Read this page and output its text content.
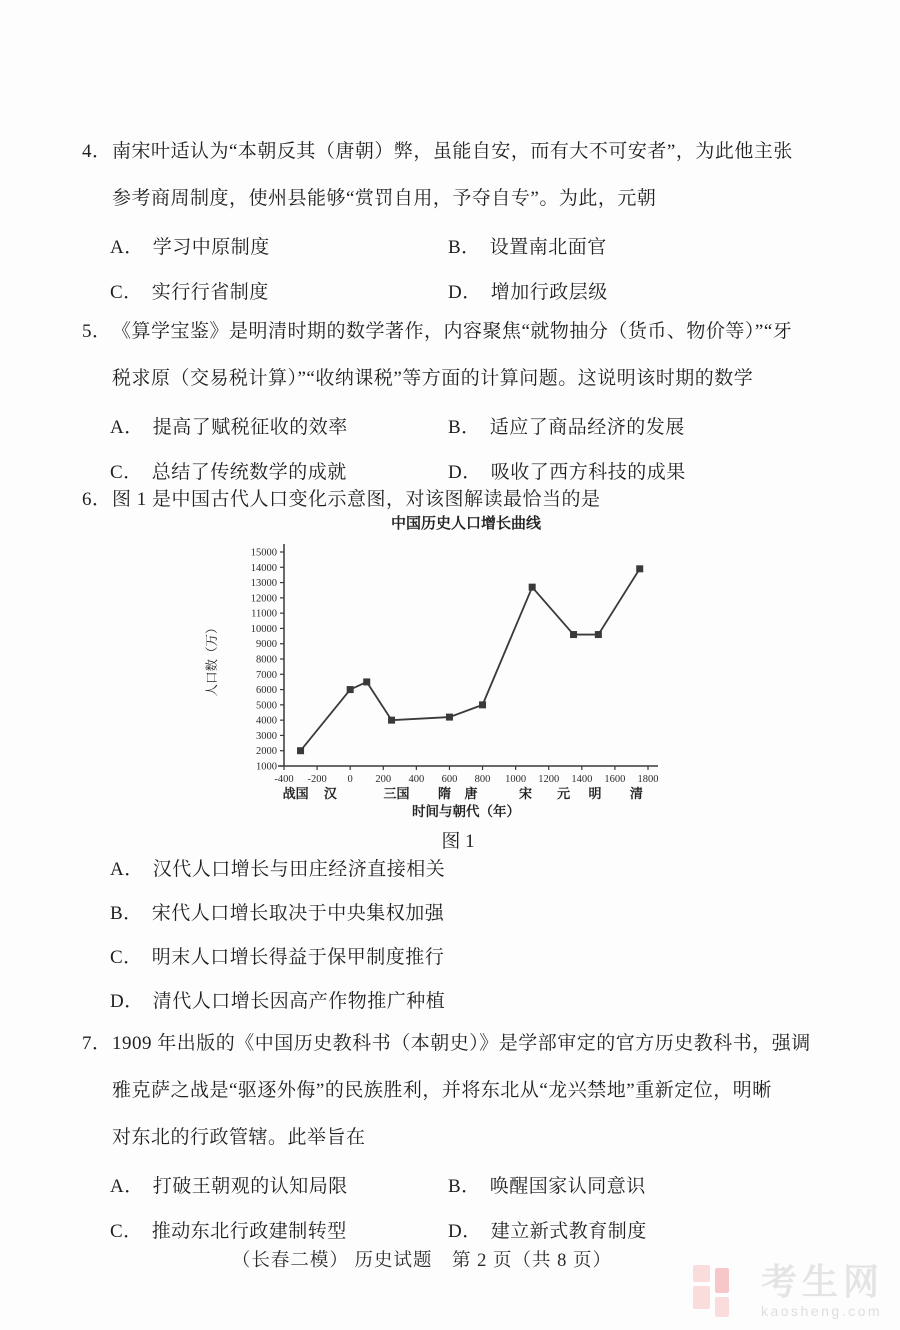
4． 南宋叶适认为“本朝反其（唐朝）弊，虽能自安，而有大不可安者”，为此他主张
参考商周制度，使州县能够“赏罚自用，予夺自专”。为此，元朝
A． 学习中原制度	B． 设置南北面官
C． 实行行省制度	D． 增加行政层级
5． 《算学宝鉴》是明清时期的数学著作，内容聚焦“就物抽分（货币、物价等）”“牙
税求原（交易税计算）”“收纳课税”等方面的计算问题。这说明该时期的数学
A． 提高了赋税征收的效率	B． 适应了商品经济的发展
C． 总结了传统数学的成就	D． 吸收了西方科技的成果
6． 图 1 是中国古代人口变化示意图，对该图解读最恰当的是
中国历史人口增长曲线
1000
2000
3000
4000
5000
6000
7000
8000
9000
10000
11000
12000
13000
14000
15000
-400 -200 0 200 400 600 800 1000 1200 1400 1600 1800
战国 汉	三国 隋 唐	宋 元 明 清
时间与朝代（年）
人口数（万）
图 1
A． 汉代人口增长与田庄经济直接相关
B． 宋代人口增长取决于中央集权加强
C． 明末人口增长得益于保甲制度推行
D． 清代人口增长因高产作物推广种植
7． 1909 年出版的《中国历史教科书（本朝史）》是学部审定的官方历史教科书，强调
雅克萨之战是“驱逐外侮”的民族胜利，并将东北从“龙兴禁地”重新定位，明晰
对东北的行政管辖。此举旨在
A． 打破王朝观的认知局限	B． 唤醒国家认同意识
C． 推动东北行政建制转型	D． 建立新式教育制度
（长春二模） 历史试题　第 2 页（共 8 页）	考生网
kaosheng.com
